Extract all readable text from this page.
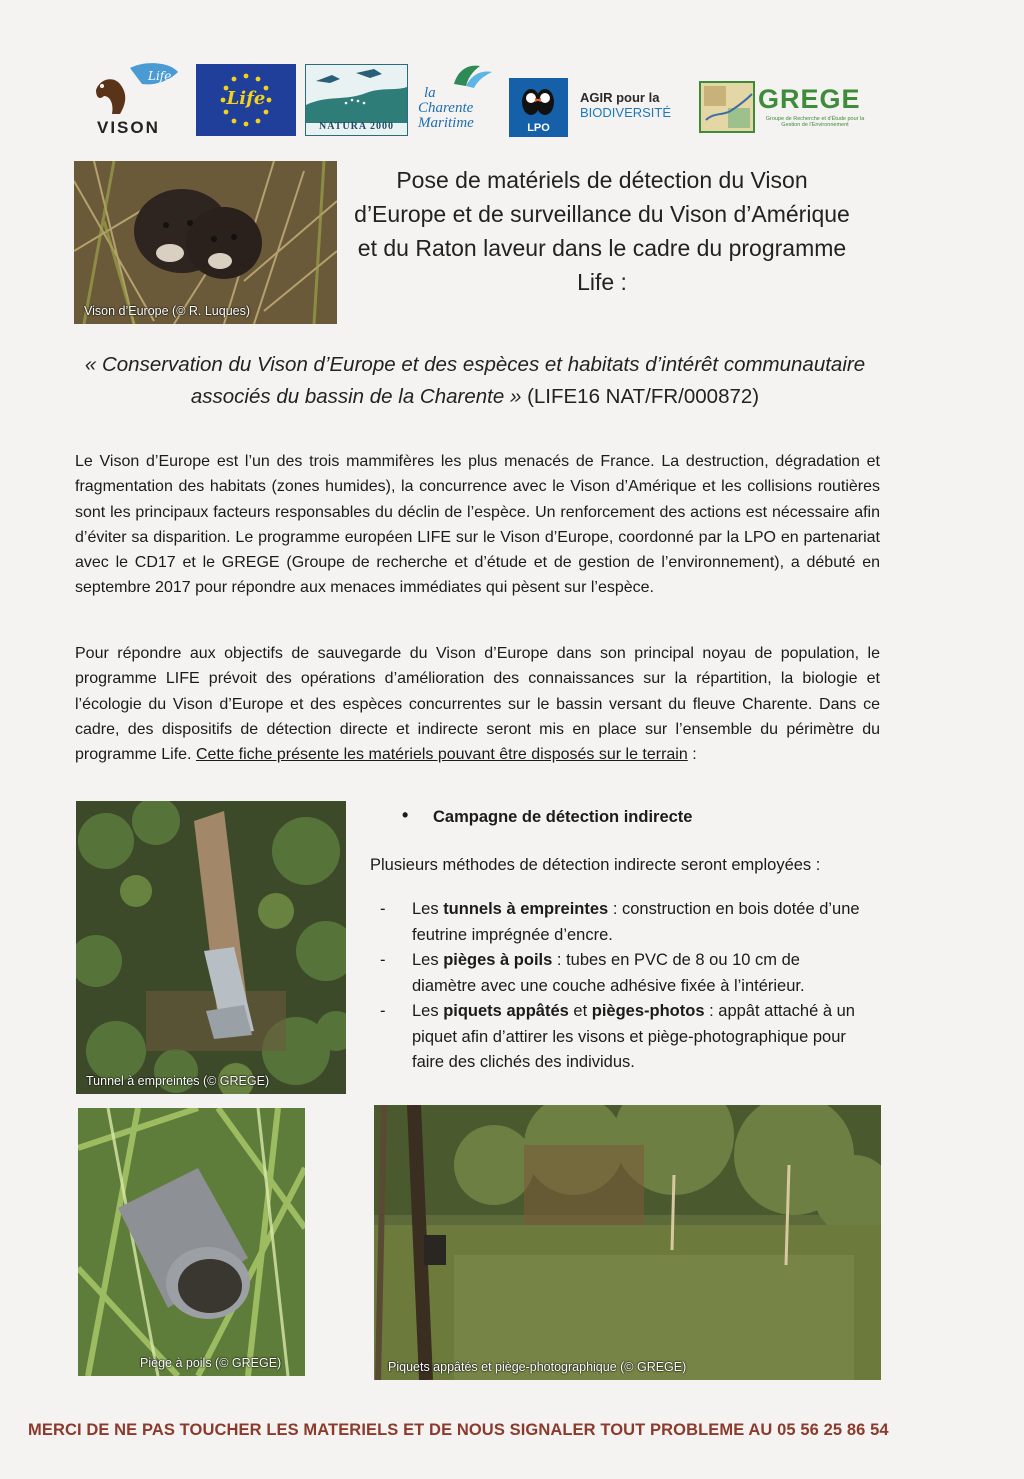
Life
VISON
Life
NATURA 2000
la
Charente
Maritime	LPO
AGIR pour la
BIODIVERSITÉ	GREGE
Groupe de Recherche et d'Étude pour la Gestion de l'Environnement
Vison d’Europe (© R. Luques)
Pose de matériels de détection du Vison d’Europe et de surveillance du Vison d’Amérique et du Raton laveur dans le cadre du programme Life :
« Conservation du Vison d’Europe et des espèces et habitats d’intérêt communautaire associés du bassin de la Charente » (LIFE16 NAT/FR/000872)
Le Vison d’Europe est l’un des trois mammifères les plus menacés de France. La destruction, dégradation et fragmentation des habitats (zones humides), la concurrence avec le Vison d’Amérique et les collisions routières sont les principaux facteurs responsables du déclin de l’espèce. Un renforcement des actions est nécessaire afin d’éviter sa disparition. Le programme européen LIFE sur le Vison d’Europe, coordonné par la LPO en partenariat avec le CD17 et le GREGE (Groupe de recherche et d’étude et de gestion de l’environnement), a débuté en septembre 2017 pour répondre aux menaces immédiates qui pèsent sur l’espèce.
Pour répondre aux objectifs de sauvegarde du Vison d’Europe dans son principal noyau de population, le programme LIFE prévoit des opérations d’amélioration des connaissances sur la répartition, la biologie et l’écologie du Vison d’Europe et des espèces concurrentes sur le bassin versant du fleuve Charente. Dans ce cadre, des dispositifs de détection directe et indirecte seront mis en place sur l’ensemble du périmètre du programme Life. Cette fiche présente les matériels pouvant être disposés sur le terrain :
Tunnel à empreintes (© GREGE)
• Campagne de détection indirecte
Plusieurs méthodes de détection indirecte seront employées :
- Les tunnels à empreintes : construction en bois dotée d’une feutrine imprégnée d’encre.
- Les pièges à poils : tubes en PVC de 8 ou 10 cm de diamètre avec une couche adhésive fixée à l’intérieur.
- Les piquets appâtés et pièges-photos : appât attaché à un piquet afin d’attirer les visons et piège-photographique pour faire des clichés des individus.
Piège à poils (© GREGE)	Piquets appâtés et piège-photographique (© GREGE)
MERCI DE NE PAS TOUCHER LES MATERIELS ET DE NOUS SIGNALER TOUT PROBLEME AU 05 56 25 86 54
